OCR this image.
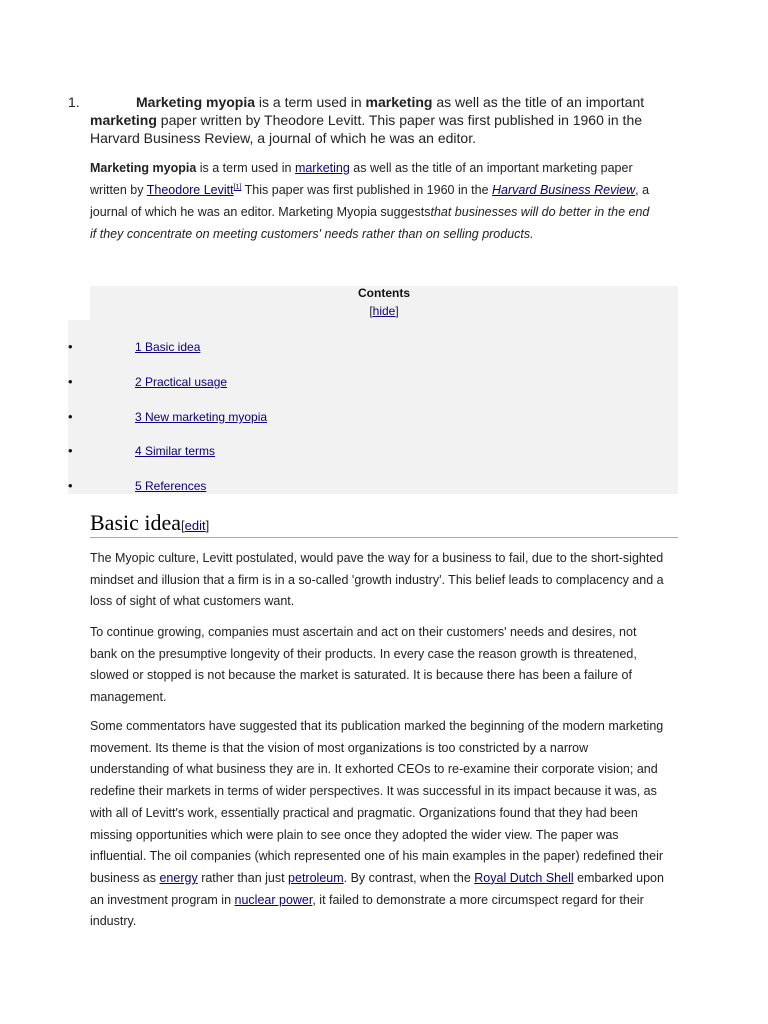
1.	Marketing myopia is a term used in marketing as well as the title of an important marketing paper written by Theodore Levitt. This paper was first published in 1960 in the Harvard Business Review, a journal of which he was an editor.
Marketing myopia is a term used in marketing as well as the title of an important marketing paper written by Theodore Levitt[1] This paper was first published in 1960 in the Harvard Business Review, a journal of which he was an editor. Marketing Myopia suggeststhat businesses will do better in the end if they concentrate on meeting customers' needs rather than on selling products.
Contents
[hide]
•	1 Basic idea
•	2 Practical usage
•	3 New marketing myopia
•	4 Similar terms
•	5 References
Basic idea[edit]
The Myopic culture, Levitt postulated, would pave the way for a business to fail, due to the short-sighted mindset and illusion that a firm is in a so-called 'growth industry'. This belief leads to complacency and a loss of sight of what customers want.
To continue growing, companies must ascertain and act on their customers' needs and desires, not bank on the presumptive longevity of their products. In every case the reason growth is threatened, slowed or stopped is not because the market is saturated. It is because there has been a failure of management.
Some commentators have suggested that its publication marked the beginning of the modern marketing movement. Its theme is that the vision of most organizations is too constricted by a narrow understanding of what business they are in. It exhorted CEOs to re-examine their corporate vision; and redefine their markets in terms of wider perspectives. It was successful in its impact because it was, as with all of Levitt's work, essentially practical and pragmatic. Organizations found that they had been missing opportunities which were plain to see once they adopted the wider view. The paper was influential. The oil companies (which represented one of his main examples in the paper) redefined their business as energy rather than just petroleum. By contrast, when the Royal Dutch Shell embarked upon an investment program in nuclear power, it failed to demonstrate a more circumspect regard for their industry.
